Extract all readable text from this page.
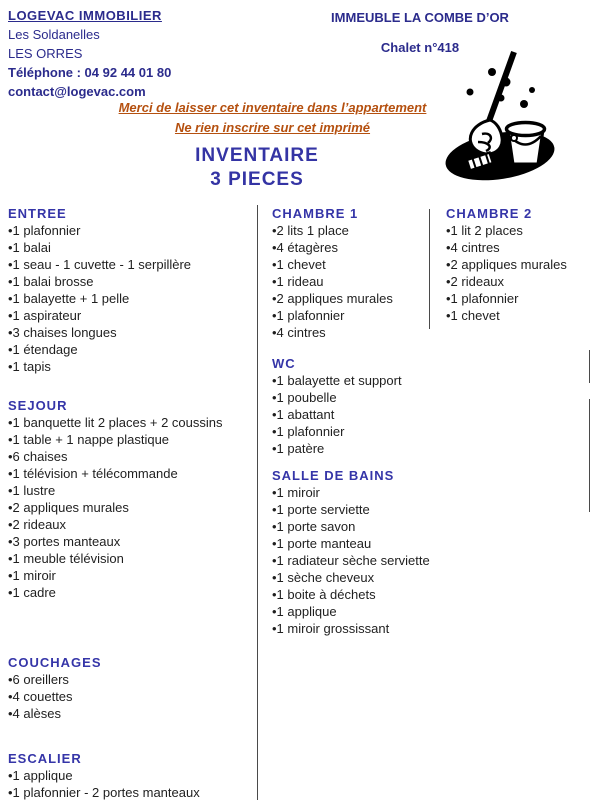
LOGEVAC IMMOBILIER
Les Soldanelles
LES ORRES
Téléphone : 04 92 44 01 80
contact@logevac.com
IMMEUBLE LA COMBE D’OR
Chalet n°418
Merci de laisser cet inventaire dans l’appartement
Ne rien inscrire sur cet imprimé
INVENTAIRE
3 PIECES
ENTREE
•1 plafonnier
•1 balai
•1 seau - 1 cuvette - 1 serpillère
•1 balai brosse
•1 balayette + 1 pelle
•1 aspirateur
•3 chaises longues
•1 étendage
•1 tapis
SEJOUR
•1 banquette lit 2 places + 2 coussins
•1 table + 1 nappe plastique
•6 chaises
•1 télévision + télécommande
•1 lustre
•2 appliques murales
•2 rideaux
•3 portes manteaux
•1 meuble télévision
•1 miroir
•1 cadre
COUCHAGES
•6 oreillers
•4 couettes
•4 alèses
ESCALIER
•1 applique
•1 plafonnier - 2 portes manteaux
CHAMBRE 1
•2 lits 1 place
•4 étagères
•1 chevet
•1 rideau
•2 appliques murales
•1 plafonnier
•4 cintres
WC
•1 balayette et support
•1 poubelle
•1 abattant
•1 plafonnier
•1 patère
SALLE DE BAINS
•1 miroir
•1 porte serviette
•1 porte savon
•1 porte manteau
•1 radiateur sèche serviette
•1 sèche cheveux
•1 boite à déchets
•1 applique
•1 miroir grossissant
CHAMBRE 2
•1 lit 2 places
•4 cintres
•2 appliques murales
•2 rideaux
•1 plafonnier
•1 chevet
